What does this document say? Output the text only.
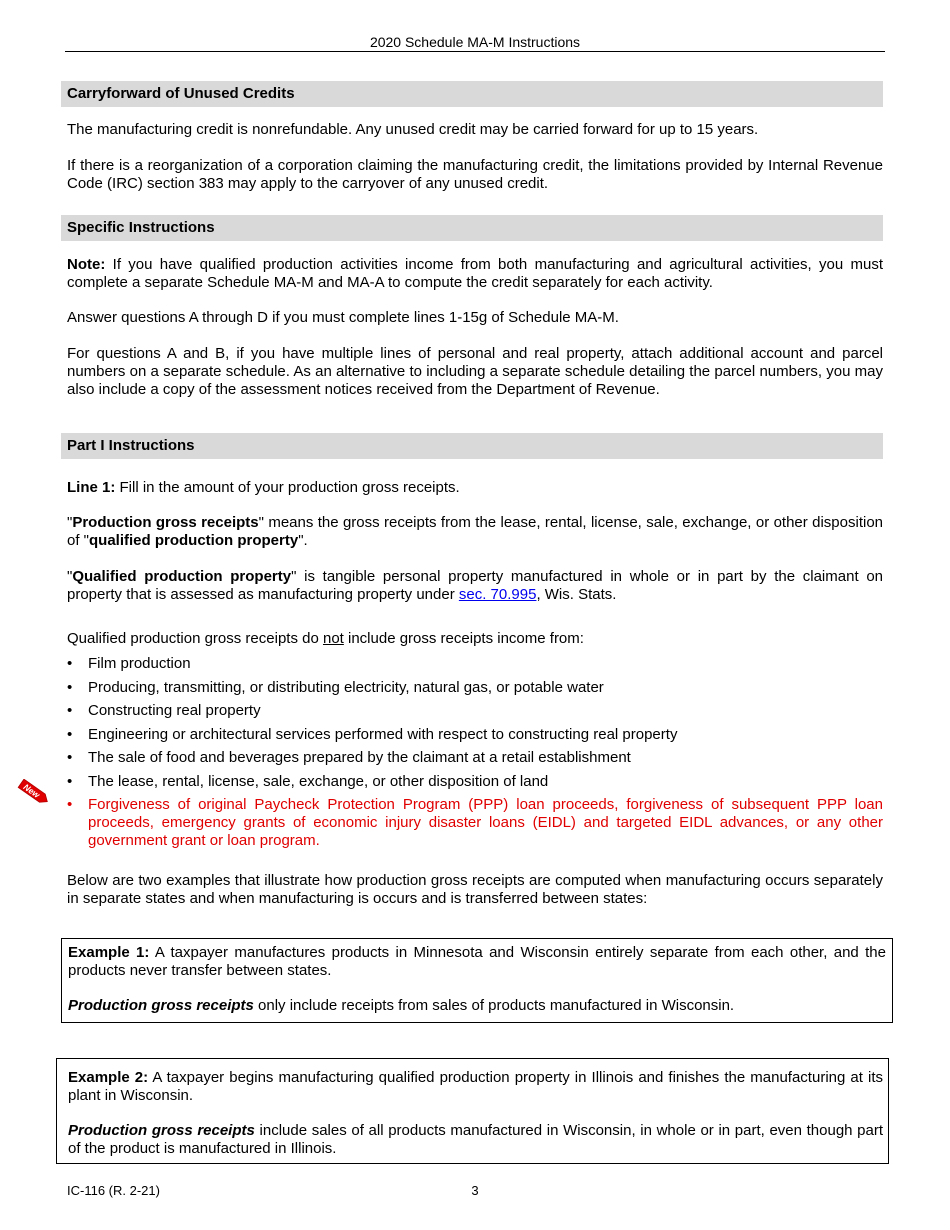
2020 Schedule MA-M Instructions
Carryforward of Unused Credits
The manufacturing credit is nonrefundable. Any unused credit may be carried forward for up to 15 years.
If there is a reorganization of a corporation claiming the manufacturing credit, the limitations provided by Internal Revenue Code (IRC) section 383 may apply to the carryover of any unused credit.
Specific Instructions
Note: If you have qualified production activities income from both manufacturing and agricultural activities, you must complete a separate Schedule MA-M and MA-A to compute the credit separately for each activity.
Answer questions A through D if you must complete lines 1-15g of Schedule MA-M.
For questions A and B, if you have multiple lines of personal and real property, attach additional account and parcel numbers on a separate schedule. As an alternative to including a separate schedule detailing the parcel numbers, you may also include a copy of the assessment notices received from the Department of Revenue.
Part I Instructions
Line 1: Fill in the amount of your production gross receipts.
"Production gross receipts" means the gross receipts from the lease, rental, license, sale, exchange, or other disposition of "qualified production property".
"Qualified production property" is tangible personal property manufactured in whole or in part by the claimant on property that is assessed as manufacturing property under sec. 70.995, Wis. Stats.
Qualified production gross receipts do not include gross receipts income from:
• Film production
• Producing, transmitting, or distributing electricity, natural gas, or potable water
• Constructing real property
• Engineering or architectural services performed with respect to constructing real property
• The sale of food and beverages prepared by the claimant at a retail establishment
• The lease, rental, license, sale, exchange, or other disposition of land
• Forgiveness of original Paycheck Protection Program (PPP) loan proceeds, forgiveness of subsequent PPP loan proceeds, emergency grants of economic injury disaster loans (EIDL) and targeted EIDL advances, or any other government grant or loan program.
New
Below are two examples that illustrate how production gross receipts are computed when manufacturing occurs separately in separate states and when manufacturing is occurs and is transferred between states:
Example 1: A taxpayer manufactures products in Minnesota and Wisconsin entirely separate from each other, and the products never transfer between states.
Production gross receipts only include receipts from sales of products manufactured in Wisconsin.
Example 2: A taxpayer begins manufacturing qualified production property in Illinois and finishes the manufacturing at its plant in Wisconsin.
Production gross receipts include sales of all products manufactured in Wisconsin, in whole or in part, even though part of the product is manufactured in Illinois.
IC-116 (R. 2-21)	3
